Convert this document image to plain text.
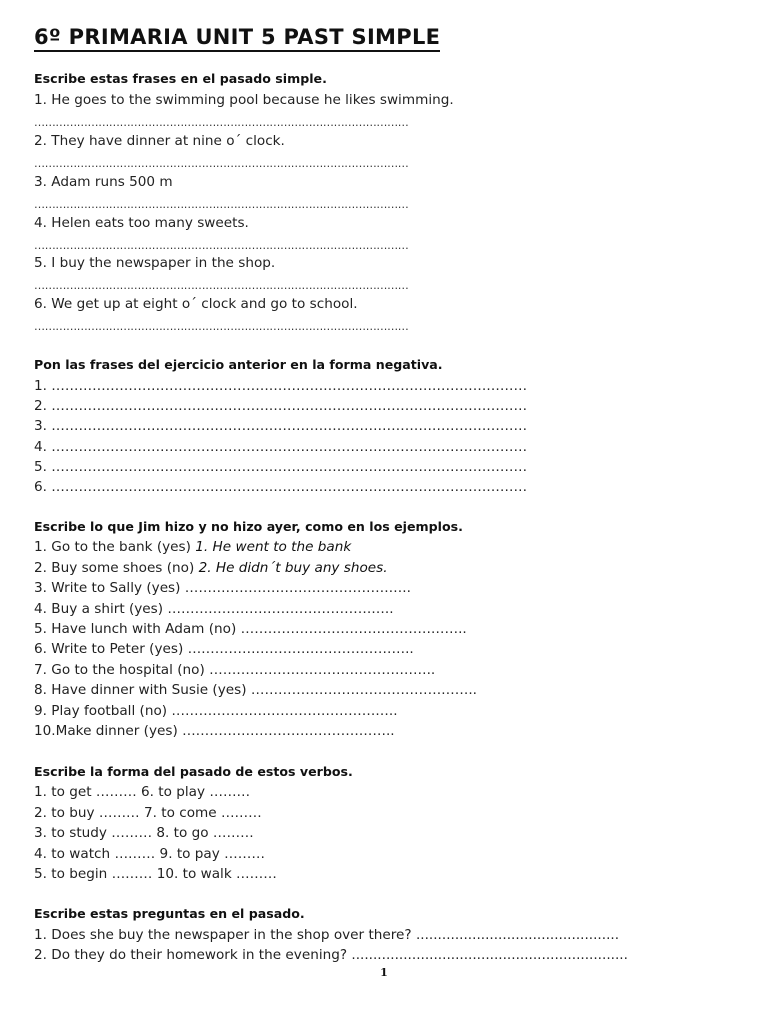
6º PRIMARIA UNIT 5 PAST SIMPLE
Escribe estas frases en el pasado simple.
1. He goes to the swimming pool because he likes swimming.
……………………………………………………………………………………………
2. They have dinner at nine o´ clock.
……………………………………………………………………………………………
3. Adam runs 500 m
……………………………………………………………………………………………
4. Helen eats too many sweets.
……………………………………………………………………………………………
5. I buy the newspaper in the shop.
……………………………………………………………………………………………
6. We get up at eight o´ clock and go to school.
……………………………………………………………………………………………
Pon las frases del ejercicio anterior en la forma negativa.
1. ……………………………………………………………………………………………
2. ……………………………………………………………………………………………
3. ……………………………………………………………………………………………
4. ……………………………………………………………………………………………
5. ……………………………………………………………………………………………
6. ……………………………………………………………………………………………
Escribe lo que Jim hizo y no hizo ayer, como en los ejemplos.
1. Go to the bank (yes) 1. He went to the bank
2. Buy some shoes (no) 2. He didn´t buy any shoes.
3. Write to Sally (yes) …………………………………………..
4. Buy a shirt (yes) …………………………………………..
5. Have lunch with Adam (no) …………………………………………..
6. Write to Peter (yes) …………………………………………..
7. Go to the hospital (no) …………………………………………..
8. Have dinner with Susie (yes) …………………………………………..
9. Play football (no) …………………………………………..
10.Make dinner (yes) ………………………………………..
Escribe la forma del pasado de estos verbos.
1. to get ……… 6. to play ………
2. to buy ……… 7. to come ………
3. to study ……… 8. to go ………
4. to watch ……… 9. to pay ………
5. to begin ……… 10. to walk ………
Escribe estas preguntas en el pasado.
1. Does she buy the newspaper in the shop over there? ...............................................
2. Do they do their homework in the evening? ................................................................
1
